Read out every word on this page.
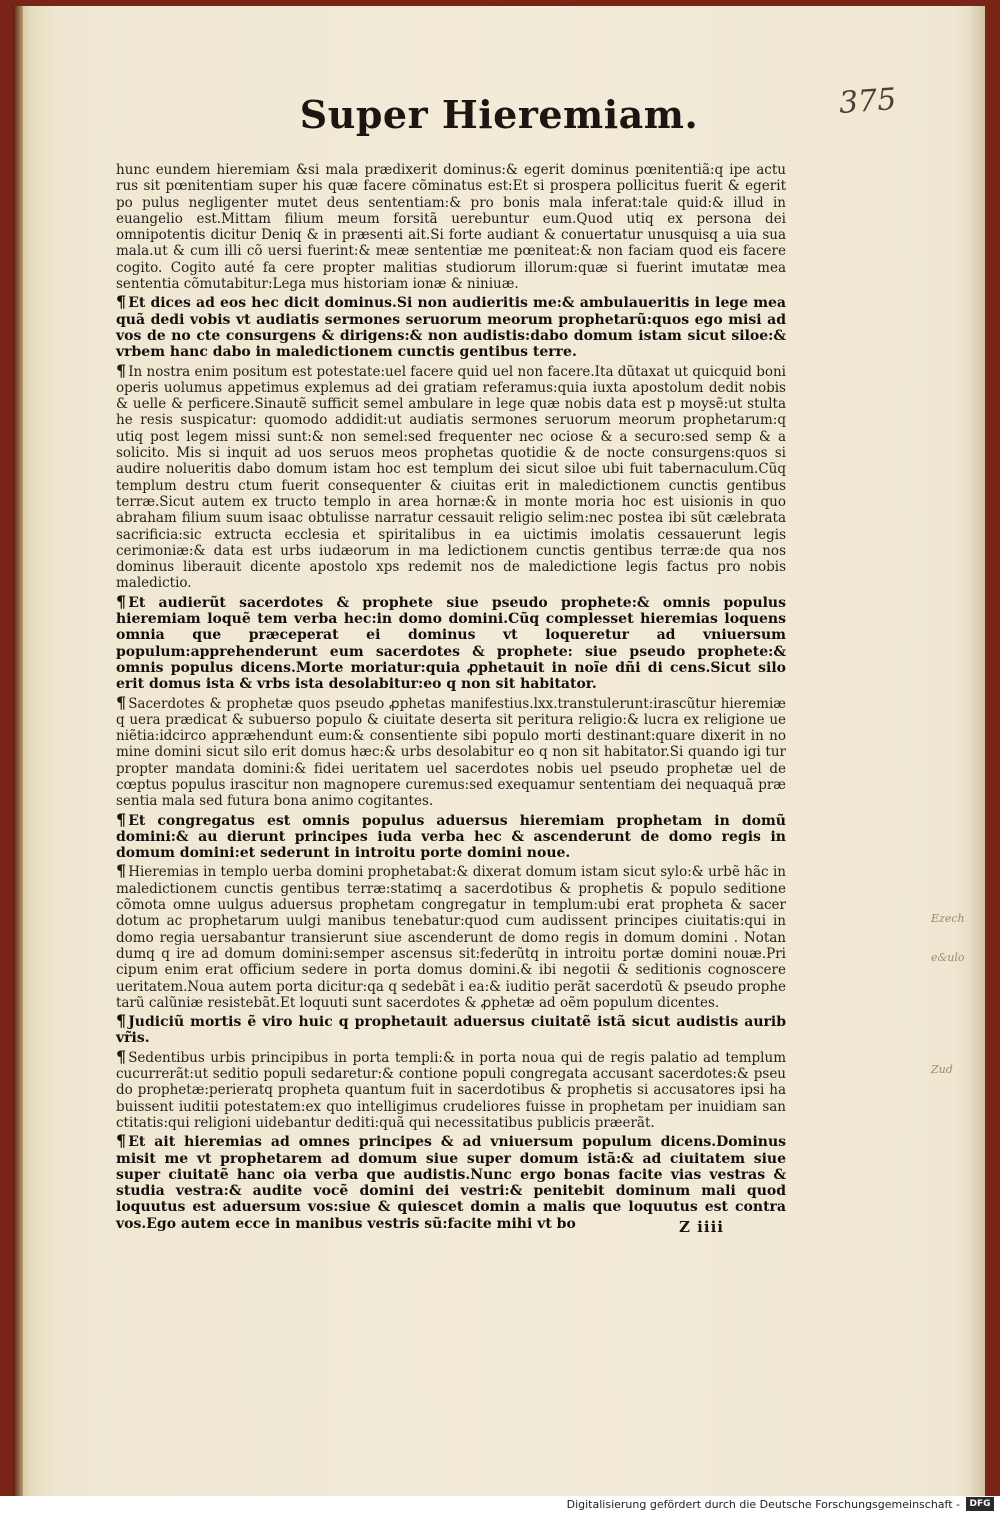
Super Hieremiam.	375

hunc eundem hieremiam &si mala prædixerit dominus:& egerit dominus pœnitentiã:q ipe actu rus sit pœnitentiam super his quæ facere cõminatus est:Et si prospera pollicitus fuerit & egerit po pulus negligenter mutet deus sententiam:& pro bonis mala inferat:tale quid:& illud in euangelio est.Mittam filium meum forsitã uerebuntur eum.Quod utiq ex persona dei omnipotentis dicitur Deniq & in præsenti ait.Si forte audiant & conuertatur unusquisq a uia sua mala.ut & cum illi cõ uersi fuerint:& meæ sententiæ me pœniteat:& non faciam quod eis facere cogito. Cogito auté fa cere propter malitias studiorum illorum:quæ si fuerint imutatæ mea sententia cõmutabitur:Lega mus historiam ionæ & niniuæ.

¶ Et dices ad eos hec dicit dominus.Si non audieritis me:& ambulaueritis in lege mea quã dedi vobis vt audiatis sermones seruorum meorum prophetarũ:quos ego misi ad vos de no cte consurgens & dirigens:& non audistis:dabo domum istam sicut siloe:& vrbem hanc dabo in maledictionem cunctis gentibus terre.

¶ In nostra enim positum est potestate:uel facere quid uel non facere.Ita dũtaxat ut quicquid boni operis uolumus appetimus explemus ad dei gratiam referamus:quia iuxta apostolum dedit nobis & uelle & perficere.Sinautẽ sufficit semel ambulare in lege quæ nobis data est p moysẽ:ut stulta he resis suspicatur: quomodo addidit:ut audiatis sermones seruorum meorum prophetarum:q utiq post legem missi sunt:& non semel:sed frequenter nec ociose & a securo:sed semp & a solicito. Mis si inquit ad uos seruos meos prophetas quotidie & de nocte consurgens:quos si audire nolueritis dabo domum istam hoc est templum dei sicut siloe ubi fuit tabernaculum.Cũq templum destru ctum fuerit consequenter & ciuitas erit in maledictionem cunctis gentibus terræ.Sicut autem ex tructo templo in area hornæ:& in monte moria hoc est uisionis in quo abraham filium suum isaac obtulisse narratur cessauit religio selim:nec postea ibi sũt cælebrata sacrificia:sic extructa ecclesia et spiritalibus in ea uictimis imolatis cessauerunt legis cerimoniæ:& data est urbs iudæorum in ma ledictionem cunctis gentibus terræ:de qua nos dominus liberauit dicente apostolo xps redemit nos de maledictione legis factus pro nobis maledictio.

¶ Et audierũt sacerdotes & prophete siue pseudo prophete:& omnis populus hieremiam loquẽ tem verba hec:in domo domini.Cũq complesset hieremias loquens omnia que præceperat ei dominus vt loqueretur ad vniuersum populum:apprehenderunt eum sacerdotes & prophete: siue pseudo prophete:& omnis populus dicens.Morte moriatur:quia ꝓphetauit in noĩe dñi di cens.Sicut silo erit domus ista & vrbs ista desolabitur:eo q non sit habitator.

¶ Sacerdotes & prophetæ quos pseudo ꝓphetas manifestius.lxx.transtulerunt:irascũtur hieremiæ q uera prædicat & subuerso populo & ciuitate deserta sit peritura religio:& lucra ex religione ue niẽtia:idcirco appræhendunt eum:& consentiente sibi populo morti destinant:quare dixerit in no mine domini sicut silo erit domus hæc:& urbs desolabitur eo q non sit habitator.Si quando igi tur propter mandata domini:& fidei ueritatem uel sacerdotes nobis uel pseudo prophetæ uel de cœptus populus irascitur non magnopere curemus:sed exequamur sententiam dei nequaquã præ sentia mala sed futura bona animo cogitantes.

¶ Et congregatus est omnis populus aduersus hieremiam prophetam in domũ domini:& au dierunt principes iuda verba hec & ascenderunt de domo regis in domum domini:et sederunt in introitu porte domini noue.

¶ Hieremias in templo uerba domini prophetabat:& dixerat domum istam sicut sylo:& urbẽ hãc in maledictionem cunctis gentibus terræ:statimq a sacerdotibus & prophetis & populo seditione cõmota omne uulgus aduersus prophetam congregatur in templum:ubi erat propheta & sacer dotum ac prophetarum uulgi manibus tenebatur:quod cum audissent principes ciuitatis:qui in domo regia uersabantur transierunt siue ascenderunt de domo regis in domum domini . Notan dumq q ire ad domum domini:semper ascensus sit:federũtq in introitu portæ domini nouæ.Pri cipum enim erat officium sedere in porta domus domini.& ibi negotii & seditionis cognoscere ueritatem.Noua autem porta dicitur:qa q sedebãt i ea:& iuditio perãt sacerdotũ & pseudo prophe tarũ calũniæ resistebãt.Et loquuti sunt sacerdotes & ꝓphetæ ad oẽm populum dicentes.

¶ Judiciũ mortis ẽ viro huic q prophetauit aduersus ciuitatẽ istã sicut audistis aurib vr̃is.

¶ Sedentibus urbis principibus in porta templi:& in porta noua qui de regis palatio ad templum cucurrerãt:ut seditio populi sedaretur:& contione populi congregata accusant sacerdotes:& pseu do prophetæ:perieratq propheta quantum fuit in sacerdotibus & prophetis si accusatores ipsi ha buissent iuditii potestatem:ex quo intelligimus crudeliores fuisse in prophetam per inuidiam san ctitatis:qui religioni uidebantur dediti:quã qui necessitatibus publicis præerãt.

¶ Et ait hieremias ad omnes principes & ad vniuersum populum dicens.Dominus misit me vt prophetarem ad domum siue super domum istã:& ad ciuitatem siue super ciuitatẽ hanc oia verba que audistis.Nunc ergo bonas facite vias vestras & studia vestra:& audite vocẽ domini dei vestri:& penitebit dominum mali quod loquutus est aduersum vos:siue & quiescet domin a malis que loquutus est contra vos.Ego autem ecce in manibus vestris sũ:facite mihi vt bo	Z iiii
Ezech
e&ulo
Zud
Digitalisierung gefördert durch die Deutsche Forschungsgemeinschaft -	DFG
